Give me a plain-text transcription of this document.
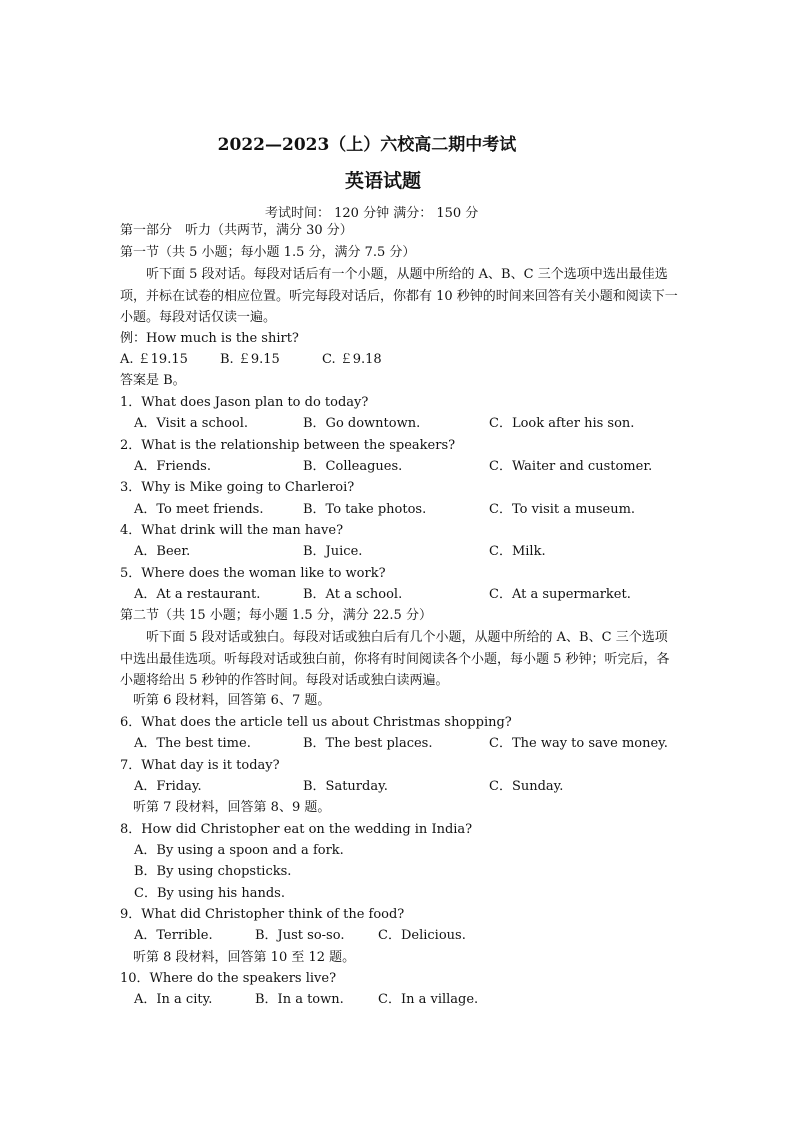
2022—2023（上）六校高二期中考试
英语试题
考试时间： 120 分钟 满分： 150 分
第一部分　听力（共两节，满分 30 分）
第一节（共 5 小题；每小题 1.5 分，满分 7.5 分）
听下面 5 段对话。每段对话后有一个小题，从题中所给的 A、B、C 三个选项中选出最佳选项，并标在试卷的相应位置。听完每段对话后，你都有 10 秒钟的时间来回答有关小题和阅读下一小题。每段对话仅读一遍。
例：How much is the shirt?
A. ￡19.15 B. ￡9.15	C. ￡9.18
答案是 B。
1．What does Jason plan to do today?
A．Visit a school.	B．Go downtown.	C．Look after his son.
2．What is the relationship between the speakers?
A．Friends.	B．Colleagues.	C．Waiter and customer.
3．Why is Mike going to Charleroi?
A．To meet friends.	B．To take photos.	C．To visit a museum.
4．What drink will the man have?
A．Beer.	B．Juice.	C．Milk.
5．Where does the woman like to work?
A．At a restaurant.	B．At a school.	C．At a supermarket.
第二节（共 15 小题；每小题 1.5 分，满分 22.5 分）
听下面 5 段对话或独白。每段对话或独白后有几个小题，从题中所给的 A、B、C 三个选项中选出最佳选项。听每段对话或独白前，你将有时间阅读各个小题，每小题 5 秒钟；听完后，各小题将给出 5 秒钟的作答时间。每段对话或独白读两遍。
听第 6 段材料，回答第 6、7 题。
6．What does the article tell us about Christmas shopping?
A．The best time.	B．The best places.	C．The way to save money.
7．What day is it today?
A．Friday.	B．Saturday.	C．Sunday.
听第 7 段材料，回答第 8、9 题。
8．How did Christopher eat on the wedding in India?
A．By using a spoon and a fork.
B．By using chopsticks.
C．By using his hands.
9．What did Christopher think of the food?
A．Terrible.	B．Just so-so.	C．Delicious.
听第 8 段材料，回答第 10 至 12 题。
10．Where do the speakers live?
A．In a city.	B．In a town.	C．In a village.
